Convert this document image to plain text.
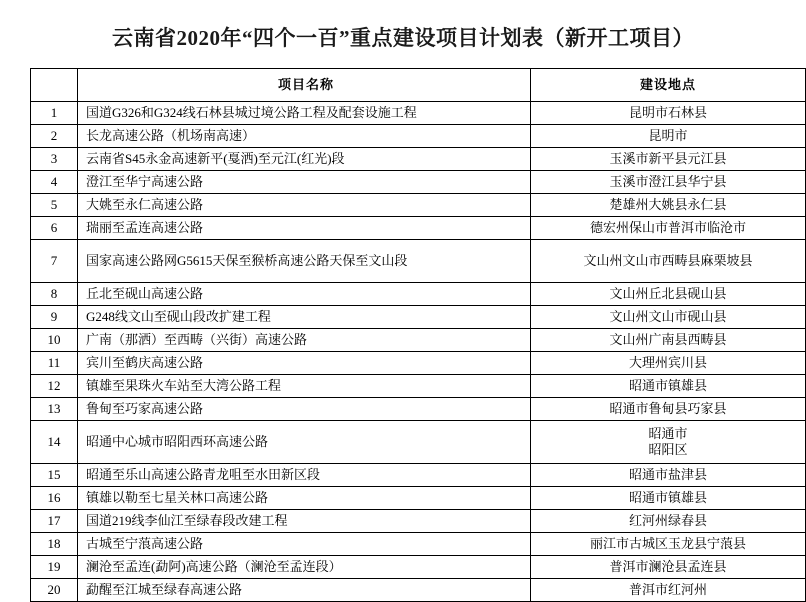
云南省2020年“四个一百”重点建设项目计划表（新开工项目）
	项目名称	建设地点
1	国道G326和G324线石林县城过境公路工程及配套设施工程	昆明市石林县
2	长龙高速公路（机场南高速）	昆明市
3	云南省S45永金高速新平(戛洒)至元江(红光)段	玉溪市新平县元江县
4	澄江至华宁高速公路	玉溪市澄江县华宁县
5	大姚至永仁高速公路	楚雄州大姚县永仁县
6	瑞丽至孟连高速公路	德宏州保山市普洱市临沧市
7	国家高速公路网G5615天保至猴桥高速公路天保至文山段	文山州文山市西畴县麻栗坡县
8	丘北至砚山高速公路	文山州丘北县砚山县
9	G248线文山至砚山段改扩建工程	文山州文山市砚山县
10	广南（那洒）至西畴（兴街）高速公路	文山州广南县西畴县
11	宾川至鹤庆高速公路	大理州宾川县
12	镇雄至果珠火车站至大湾公路工程	昭通市镇雄县
13	鲁甸至巧家高速公路	昭通市鲁甸县巧家县
14	昭通中心城市昭阳西环高速公路	昭通市
昭阳区
15	昭通至乐山高速公路青龙咀至水田新区段	昭通市盐津县
16	镇雄以勒至七星关林口高速公路	昭通市镇雄县
17	国道219线李仙江至绿春段改建工程	红河州绿春县
18	古城至宁蒗高速公路	丽江市古城区玉龙县宁蒗县
19	澜沧至孟连(勐阿)高速公路（澜沧至孟连段）	普洱市澜沧县孟连县
20	勐醒至江城至绿春高速公路	普洱市红河州
